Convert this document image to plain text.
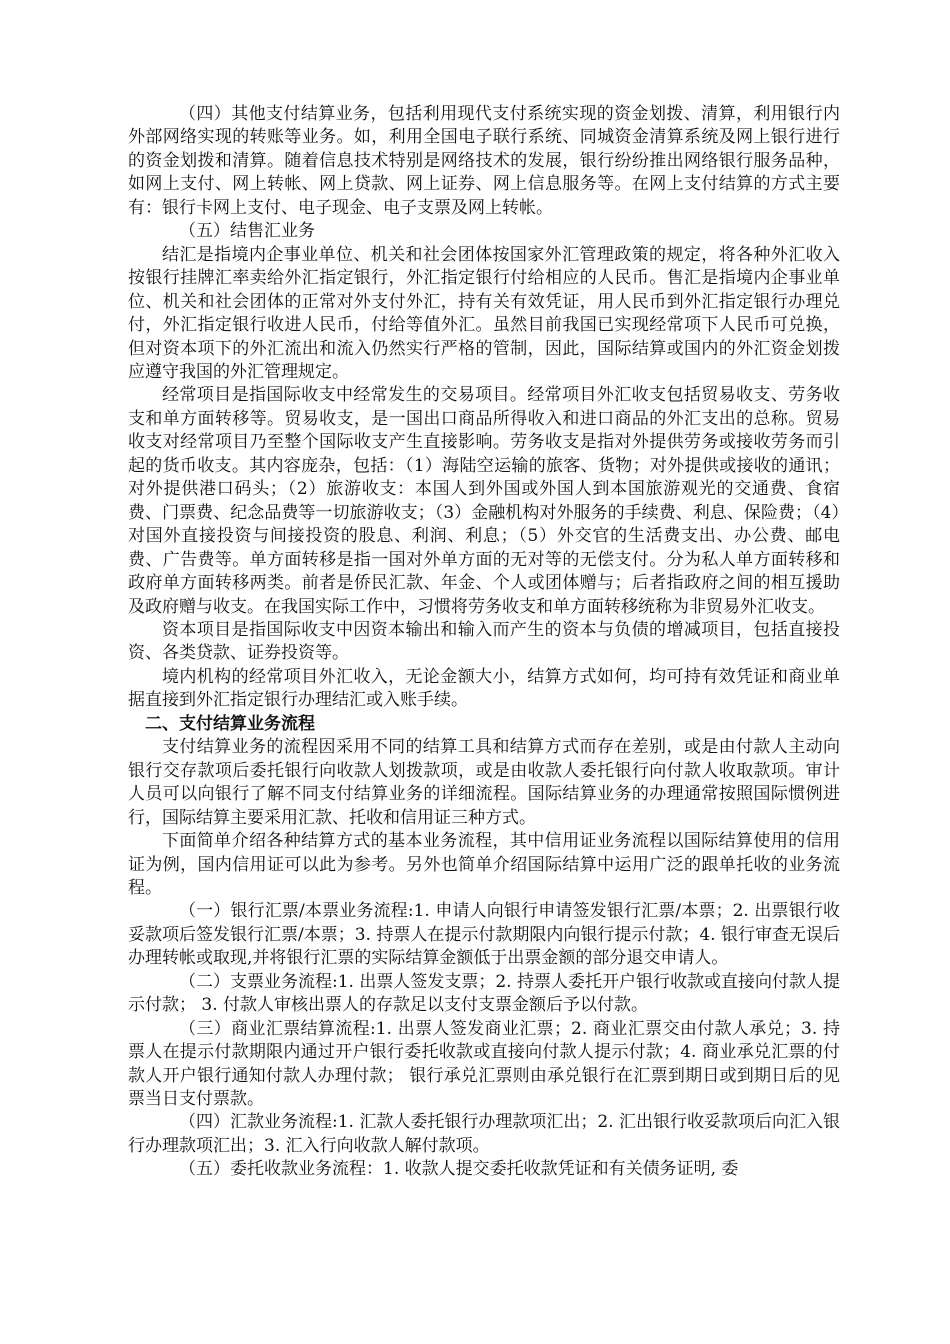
（四）其他支付结算业务，包括利用现代支付系统实现的资金划拨、清算，利用银行内外部网络实现的转账等业务。如，利用全国电子联行系统、同城资金清算系统及网上银行进行的资金划拨和清算。随着信息技术特别是网络技术的发展，银行纷纷推出网络银行服务品种，如网上支付、网上转帐、网上贷款、网上证券、网上信息服务等。在网上支付结算的方式主要有：银行卡网上支付、电子现金、电子支票及网上转帐。

（五）结售汇业务

结汇是指境内企事业单位、机关和社会团体按国家外汇管理政策的规定，将各种外汇收入按银行挂牌汇率卖给外汇指定银行，外汇指定银行付给相应的人民币。售汇是指境内企事业单位、机关和社会团体的正常对外支付外汇，持有关有效凭证，用人民币到外汇指定银行办理兑付，外汇指定银行收进人民币，付给等值外汇。虽然目前我国已实现经常项下人民币可兑换，但对资本项下的外汇流出和流入仍然实行严格的管制，因此，国际结算或国内的外汇资金划拨应遵守我国的外汇管理规定。

经常项目是指国际收支中经常发生的交易项目。经常项目外汇收支包括贸易收支、劳务收支和单方面转移等。贸易收支，是一国出口商品所得收入和进口商品的外汇支出的总称。贸易收支对经常项目乃至整个国际收支产生直接影响。劳务收支是指对外提供劳务或接收劳务而引起的货币收支。其内容庞杂，包括：（1）海陆空运输的旅客、货物；对外提供或接收的通讯；对外提供港口码头；（2）旅游收支：本国人到外国或外国人到本国旅游观光的交通费、食宿费、门票费、纪念品费等一切旅游收支；（3）金融机构对外服务的手续费、利息、保险费；（4）对国外直接投资与间接投资的股息、利润、利息；（5）外交官的生活费支出、办公费、邮电费、广告费等。单方面转移是指一国对外单方面的无对等的无偿支付。分为私人单方面转移和政府单方面转移两类。前者是侨民汇款、年金、个人或团体赠与；后者指政府之间的相互援助及政府赠与收支。在我国实际工作中，习惯将劳务收支和单方面转移统称为非贸易外汇收支。

资本项目是指国际收支中因资本输出和输入而产生的资本与负债的增减项目，包括直接投资、各类贷款、证券投资等。

境内机构的经常项目外汇收入，无论金额大小，结算方式如何，均可持有效凭证和商业单据直接到外汇指定银行办理结汇或入账手续。

二、支付结算业务流程

支付结算业务的流程因采用不同的结算工具和结算方式而存在差别，或是由付款人主动向银行交存款项后委托银行向收款人划拨款项，或是由收款人委托银行向付款人收取款项。审计人员可以向银行了解不同支付结算业务的详细流程。国际结算业务的办理通常按照国际惯例进行，国际结算主要采用汇款、托收和信用证三种方式。

下面简单介绍各种结算方式的基本业务流程，其中信用证业务流程以国际结算使用的信用证为例，国内信用证可以此为参考。另外也简单介绍国际结算中运用广泛的跟单托收的业务流程。

（一）银行汇票/本票业务流程:1. 申请人向银行申请签发银行汇票/本票；2. 出票银行收妥款项后签发银行汇票/本票；3. 持票人在提示付款期限内向银行提示付款；4. 银行审查无误后办理转帐或取现,并将银行汇票的实际结算金额低于出票金额的部分退交申请人。

（二）支票业务流程:1. 出票人签发支票；2. 持票人委托开户银行收款或直接向付款人提示付款； 3. 付款人审核出票人的存款足以支付支票金额后予以付款。

（三）商业汇票结算流程:1. 出票人签发商业汇票；2. 商业汇票交由付款人承兑；3. 持票人在提示付款期限内通过开户银行委托收款或直接向付款人提示付款；4. 商业承兑汇票的付款人开户银行通知付款人办理付款； 银行承兑汇票则由承兑银行在汇票到期日或到期日后的见票当日支付票款。

（四）汇款业务流程:1. 汇款人委托银行办理款项汇出；2. 汇出银行收妥款项后向汇入银行办理款项汇出；3. 汇入行向收款人解付款项。

（五）委托收款业务流程：1. 收款人提交委托收款凭证和有关债务证明, 委
